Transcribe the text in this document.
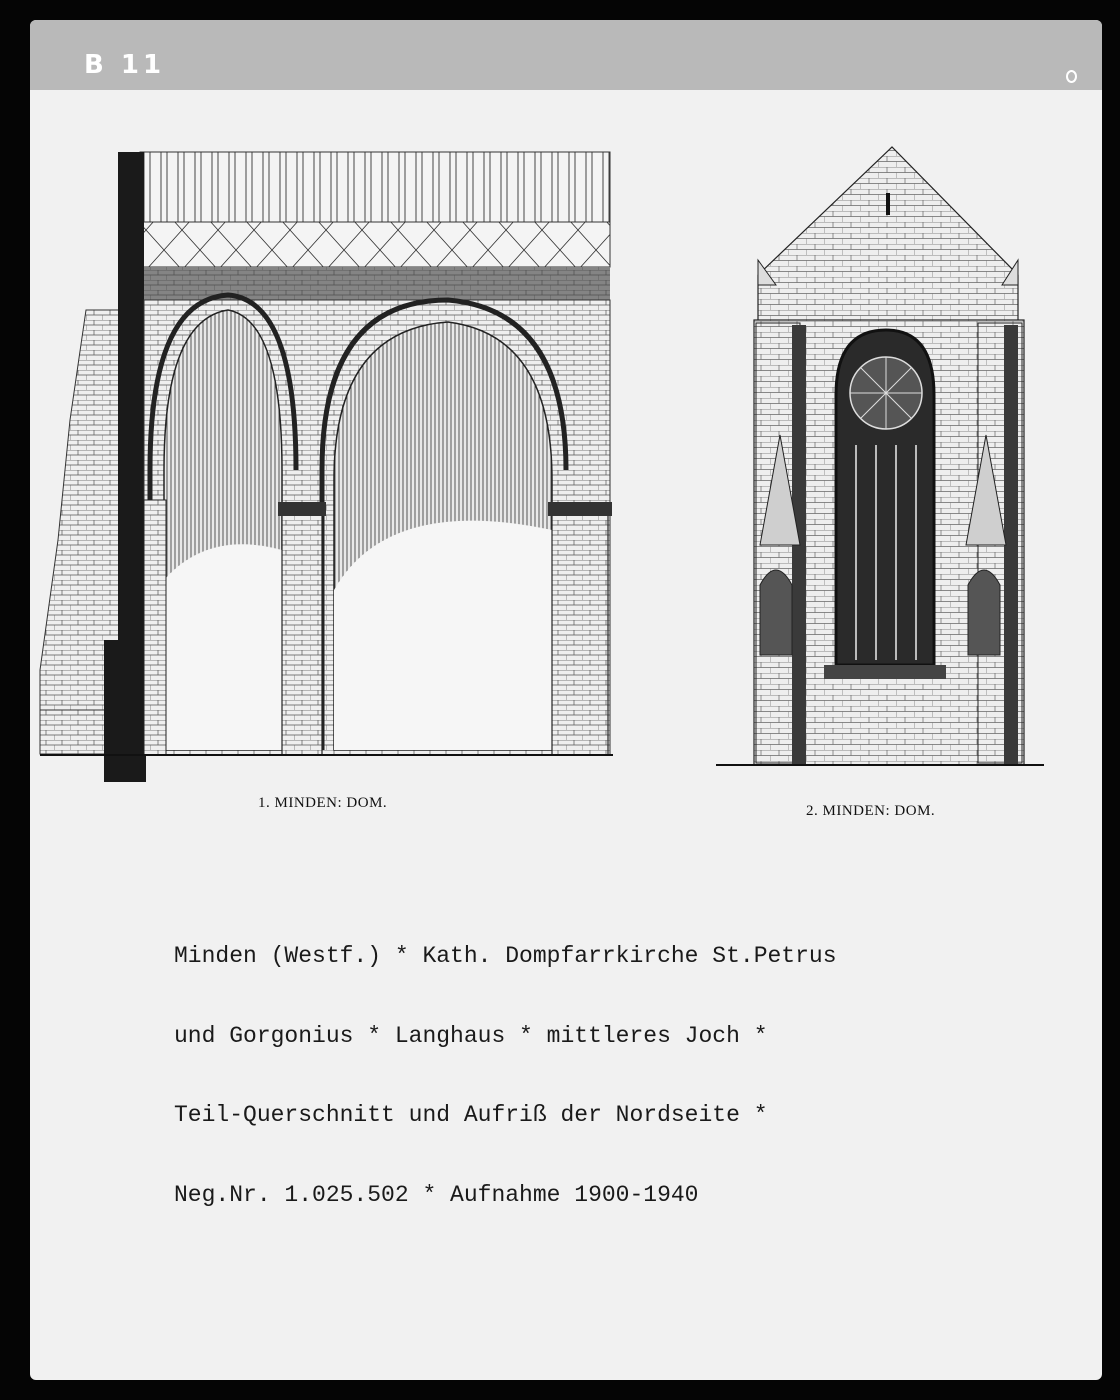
B 11
1. MINDEN: DOM.	2. MINDEN: DOM.

Minden (Westf.) * Kath. Dompfarrkirche St.Petrus

und Gorgonius * Langhaus * mittleres Joch *

Teil-Querschnitt und Aufriß der Nordseite *

Neg.Nr. 1.025.502 * Aufnahme 1900-1940
